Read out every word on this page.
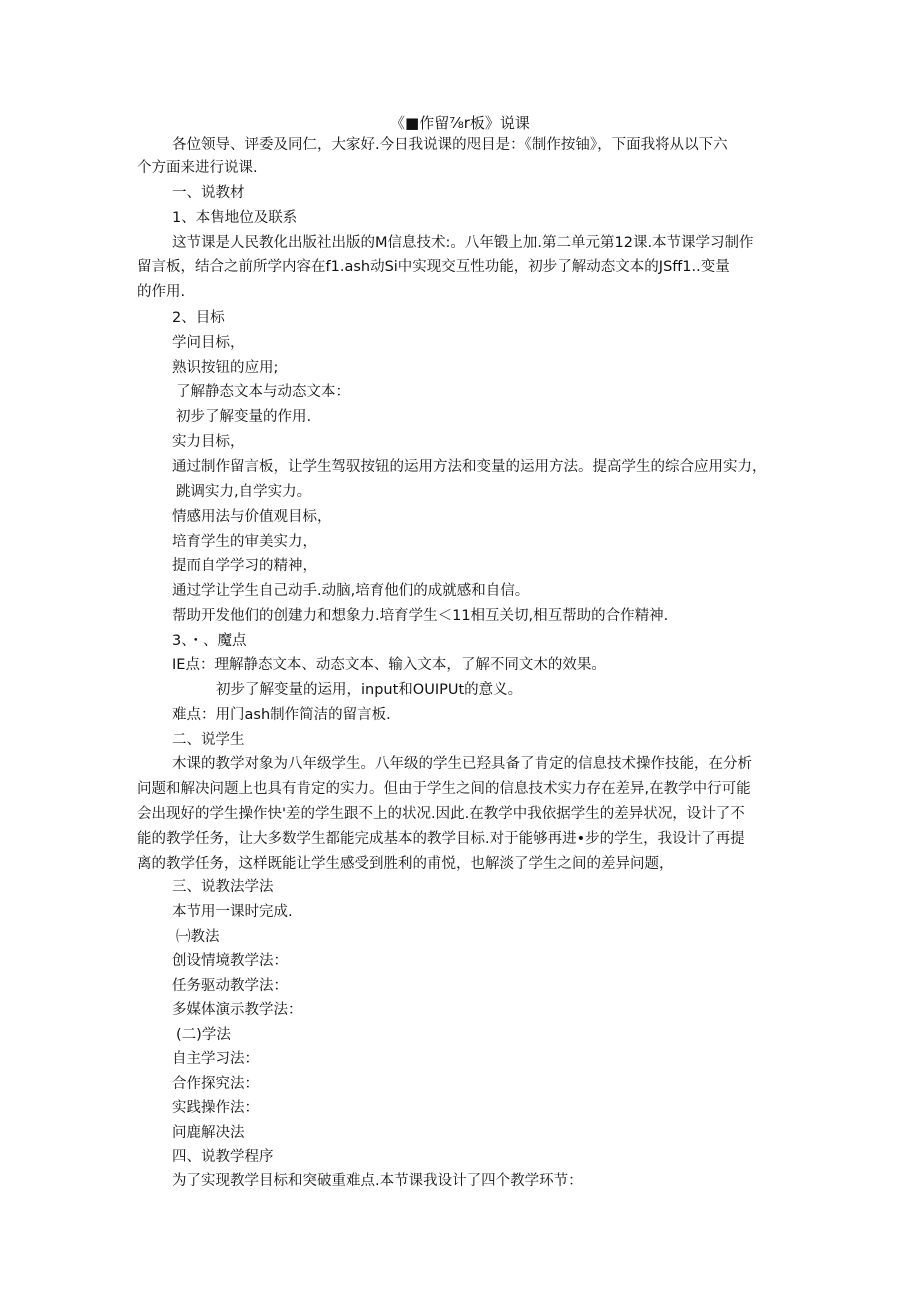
《■作留⅞r板》说课
各位领导、评委及同仁，大家好.今日我说课的咫目是：《制作按铀》，下面我将从以下六
个方面来进行说课.
一、说教材
1、本售地位及联系
这节课是人民教化出版社出版的M信息技术:。八年锻上加.第二单元第12课.本节课学习制作
留言板，结合之前所学内容在f1.ash动Si中实现交互性功能，初步了解动态文本的JSff1..变量
的作用.
2、目标
学问目标，
熟识按钮的应用;
了解静态文本与动态文本：
初步了解变量的作用.
实力目标，
通过制作留言板，让学生驾驭按钮的运用方法和变量的运用方法。提高学生的综合应用实力，
跳调实力,自学实力。
情感用法与价值观目标，
培育学生的审美实力，
提而自学学习的精神，
通过学让学生自己动手.动脑,培育他们的成就感和自信。
帮助开发他们的创建力和想象力.培育学生＜11相互关切,相互帮助的合作精神.
3、・、魔点
IE点：理解静态文本、动态文本、输入文本，了解不同文木的效果。
初步了解变量的运用，input和OUIPUt的意义。
难点：用门ash制作简洁的留言板.
二、说学生
木课的教学对象为八年级学生。八年级的学生已羟具备了肯定的信息技术操作技能，在分析
问题和解决问题上也具有肯定的实力。但由于学生之间的信息技术实力存在差异,在教学中行可能
会出现好的学生操作快'差的学生跟不上的状况.因此.在教学中我依据学生的差异状况，设计了不
能的教学任务，让大多数学生都能完成基本的教学目标.对于能够再进•步的学生，我设计了再提
离的教学任务，这样既能让学生感受到胜利的甫悦，也解淡了学生之间的差异问题，
三、说教法学法
本节用一课时完成.
㈠教法
创设情境教学法：
任务驱动教学法：
多媒体演示教学法：
(二)学法
自主学习法：
合作探究法：
实践操作法：
问鹿解决法
四、说教学程序
为了实现教学目标和突破重难点.本节课我设计了四个教学环节：
